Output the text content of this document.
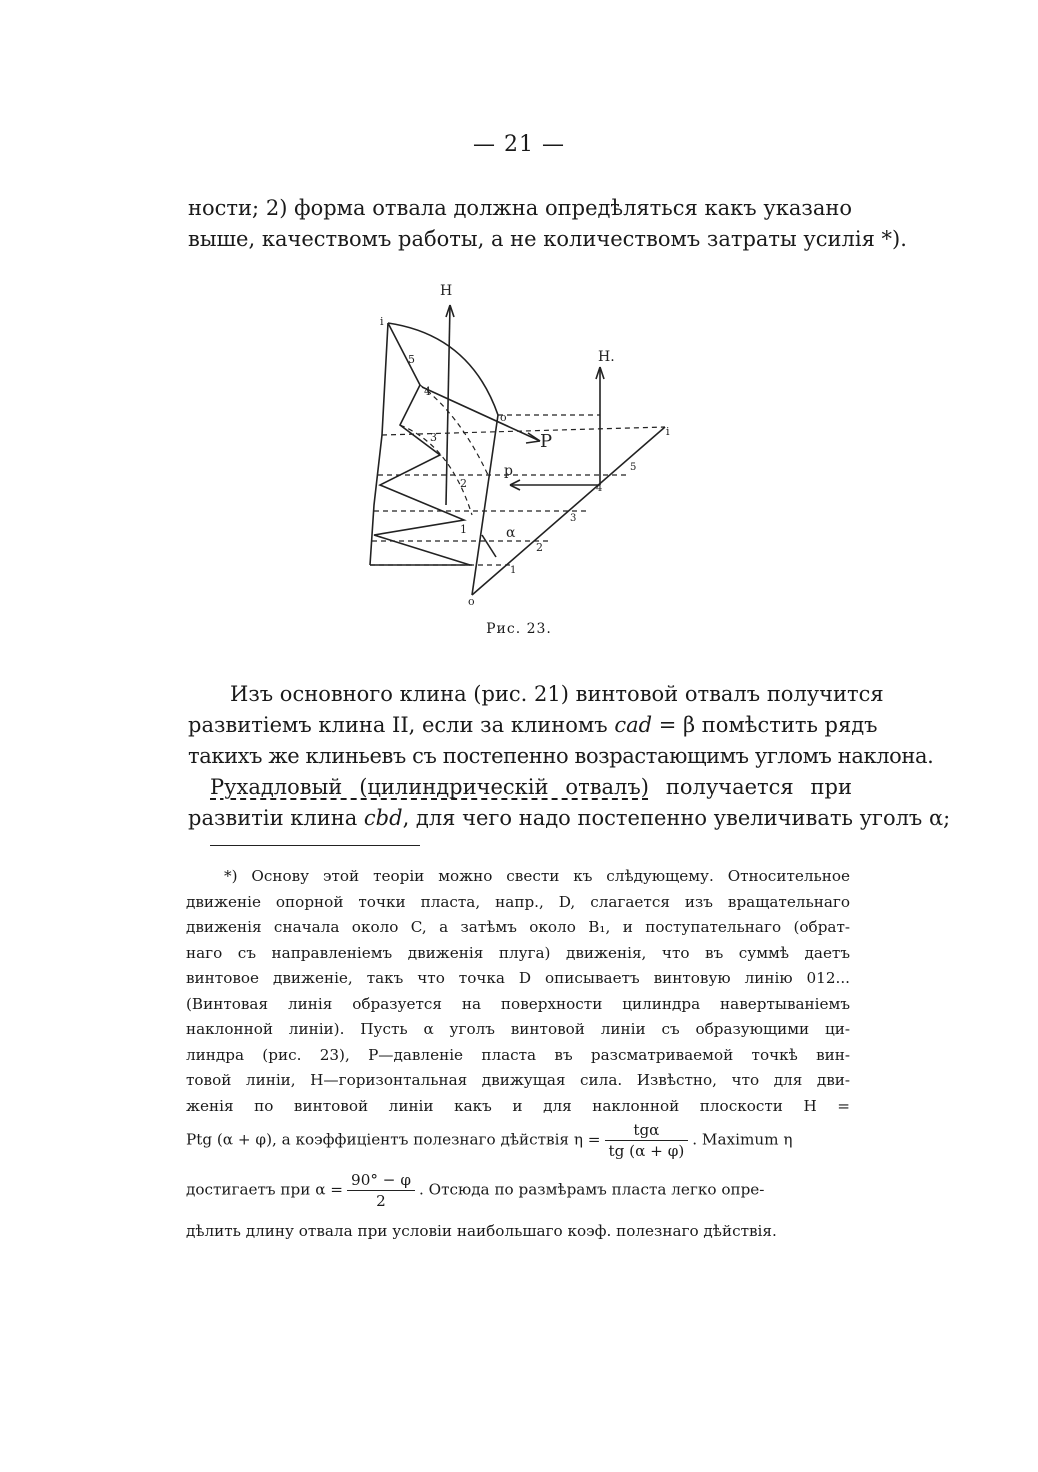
— 21 —
ности; 2) форма отвала должна опредѣляться какъ указано
выше, качествомъ работы, а не количествомъ затраты усилія *).
H
H.
P
p
α
i
5
4
3
2
1
o
o
5
4
3
2
1
i
Рис. 23.
Изъ основного клина (рис. 21) винтовой отвалъ получится
развитіемъ клина II, если за клиномъ cad = β помѣстить рядъ
такихъ же клиньевъ съ постепенно возрастающимъ угломъ наклона.
Рухадловый (цилиндрическій отвалъ) получается при
развитіи клина cbd, для чего надо постепенно увеличивать уголъ α;
*) Основу этой теоріи можно свести къ слѣдующему. Относительное
движеніе опорной точки пласта, напр., D, слагается изъ вращательнаго
движенія сначала около C, а затѣмъ около B₁, и поступательнаго (обрат-
наго съ направленіемъ движенія плуга) движенія, что въ суммѣ даетъ
винтовое движеніе, такъ что точка D описываетъ винтовую линію 012...
(Винтовая линія образуется на поверхности цилиндра навертываніемъ
наклонной линіи). Пусть α уголъ винтовой линіи съ образующими ци-
линдра (рис. 23), P—давленіе пласта въ разсматриваемой точкѣ вин-
товой линіи, H—горизонтальная движущая сила. Извѣстно, что для дви-
женія по винтовой линіи какъ и для наклонной плоскости H =
Ptg (α + φ), а коэффиціентъ полезнаго дѣйствія $\eta = \frac{\text{tgα}}{tg (\alpha + \varphi)}$ . Maximum η
достигаетъ при $\alpha = \frac{90^\circ - \varphi}{2}$ . Отсюда по размѣрамъ пласта легко опре-
дѣлить длину отвала при условіи наибольшаго коэф. полезнаго дѣйствія.
